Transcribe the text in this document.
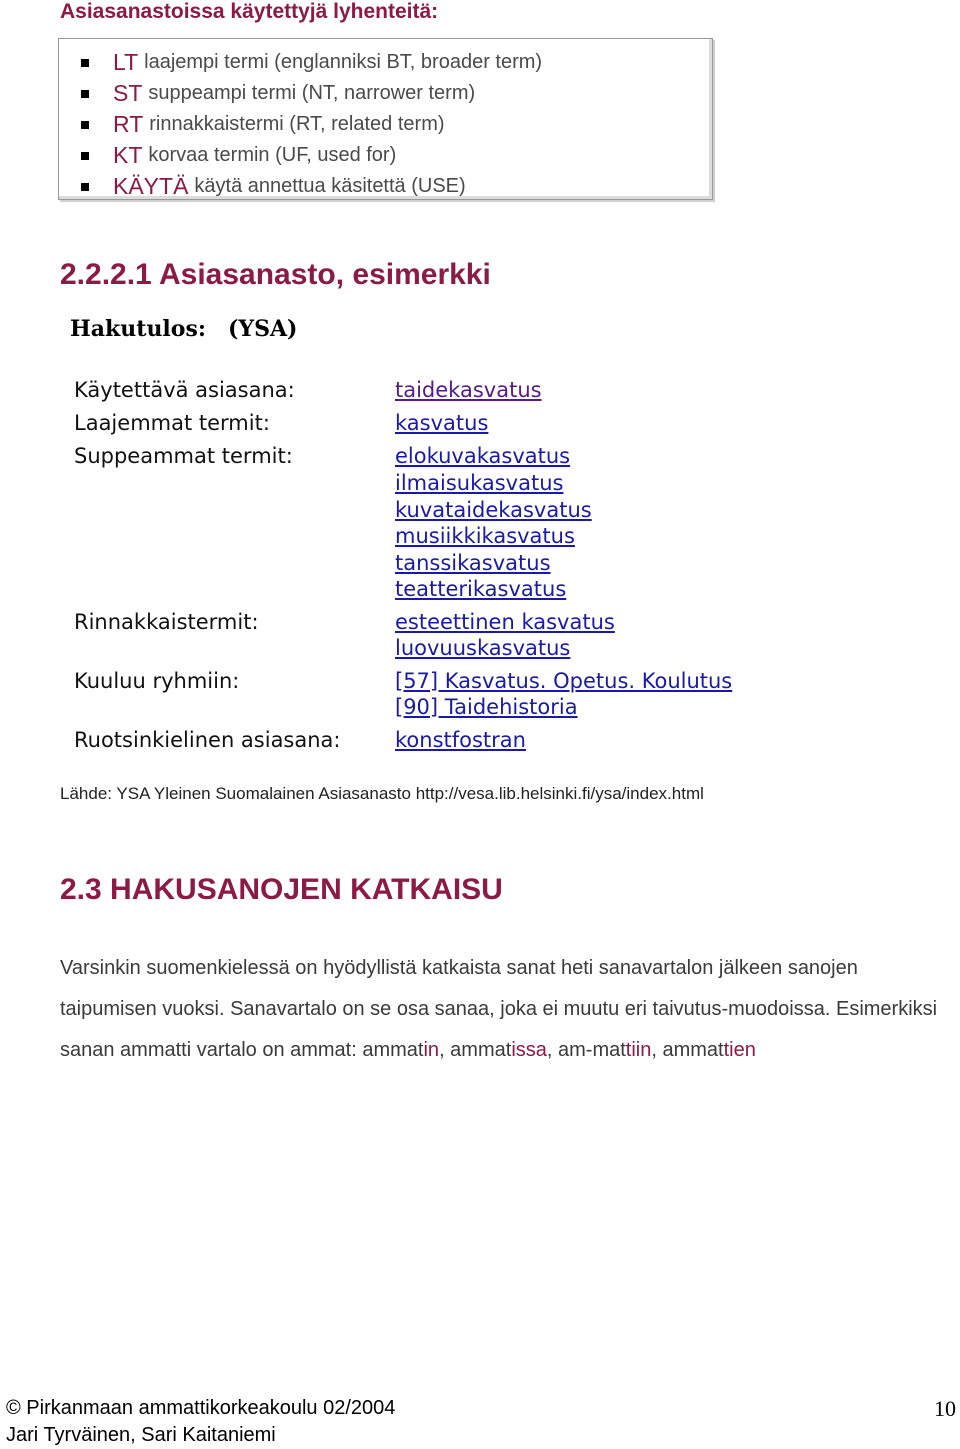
Asiasanastoissa käytettyjä lyhenteitä:
LT laajempi termi (englanniksi BT, broader term)
ST suppeampi termi (NT, narrower term)
RT rinnakkaistermi (RT, related term)
KT korvaa termin (UF, used for)
KÄYTÄ käytä annettua käsitettä (USE)
2.2.2.1 Asiasanasto, esimerkki
Hakutulos: (YSA)
Käytettävä asiasana:	taidekasvatus
Laajemmat termit:	kasvatus
Suppeammat termit:	elokuvakasvatus
ilmaisukasvatus
kuvataidekasvatus
musiikkikasvatus
tanssikasvatus
teatterikasvatus
Rinnakkaistermit:	esteettinen kasvatus
luovuuskasvatus
Kuuluu ryhmiin:	[57] Kasvatus. Opetus. Koulutus
[90] Taidehistoria
Ruotsinkielinen asiasana:	konstfostran
Lähde: YSA Yleinen Suomalainen Asiasanasto http://vesa.lib.helsinki.fi/ysa/index.html
2.3 HAKUSANOJEN KATKAISU
Varsinkin suomenkielessä on hyödyllistä katkaista sanat heti sanavartalon jälkeen sanojen taipumisen vuoksi. Sanavartalo on se osa sanaa, joka ei muutu eri taivutus-muodoissa. Esimerkiksi sanan ammatti vartalo on ammat: ammatin, ammatissa, am-mattiin, ammattien
© Pirkanmaan ammattikorkeakoulu 02/2004
Jari Tyrväinen, Sari Kaitaniemi
10
